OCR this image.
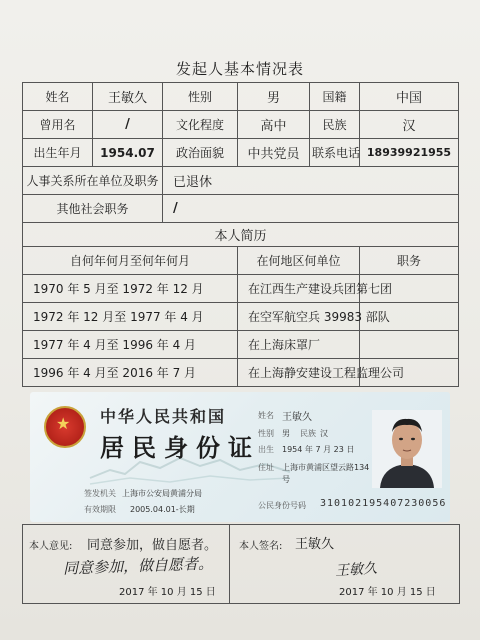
发起人基本情况表
姓名	王敏久	性别	男	国籍	中国
曾用名	/	文化程度	高中	民族	汉
出生年月	1954.07	政治面貌	中共党员	联系电话	18939921955
人事关系所在单位及职务		已退休			
其他社会职务		/			
本人简历					
自何年何月至何年何月			在何地区何单位		职务
1970 年 5 月至 1972 年 12 月			在江西生产建设兵团第七团		
1972 年 12 月至 1977 年 4 月			在空军航空兵 39983 部队		
1977 年 4 月至 1996 年 4 月			在上海床罩厂		
1996 年 4 月至 2016 年 7 月			在上海静安建设工程监理公司		
★ 中华人民共和国
居民身份证
签发机关 上海市公安局黄浦分局
有效期限 2005.04.01-长期
姓名 王敏久
性别 男 民族 汉
出生 1954 年 7 月 23 日
住址 上海市黄浦区望云路134
号
公民身份号码 310102195407230056
本人意见: 同意参加，做自愿者。
同意参加，做自愿者。
2017 年 10 月 15 日
本人签名: 王敏久
王敏久
2017 年 10 月 15 日
